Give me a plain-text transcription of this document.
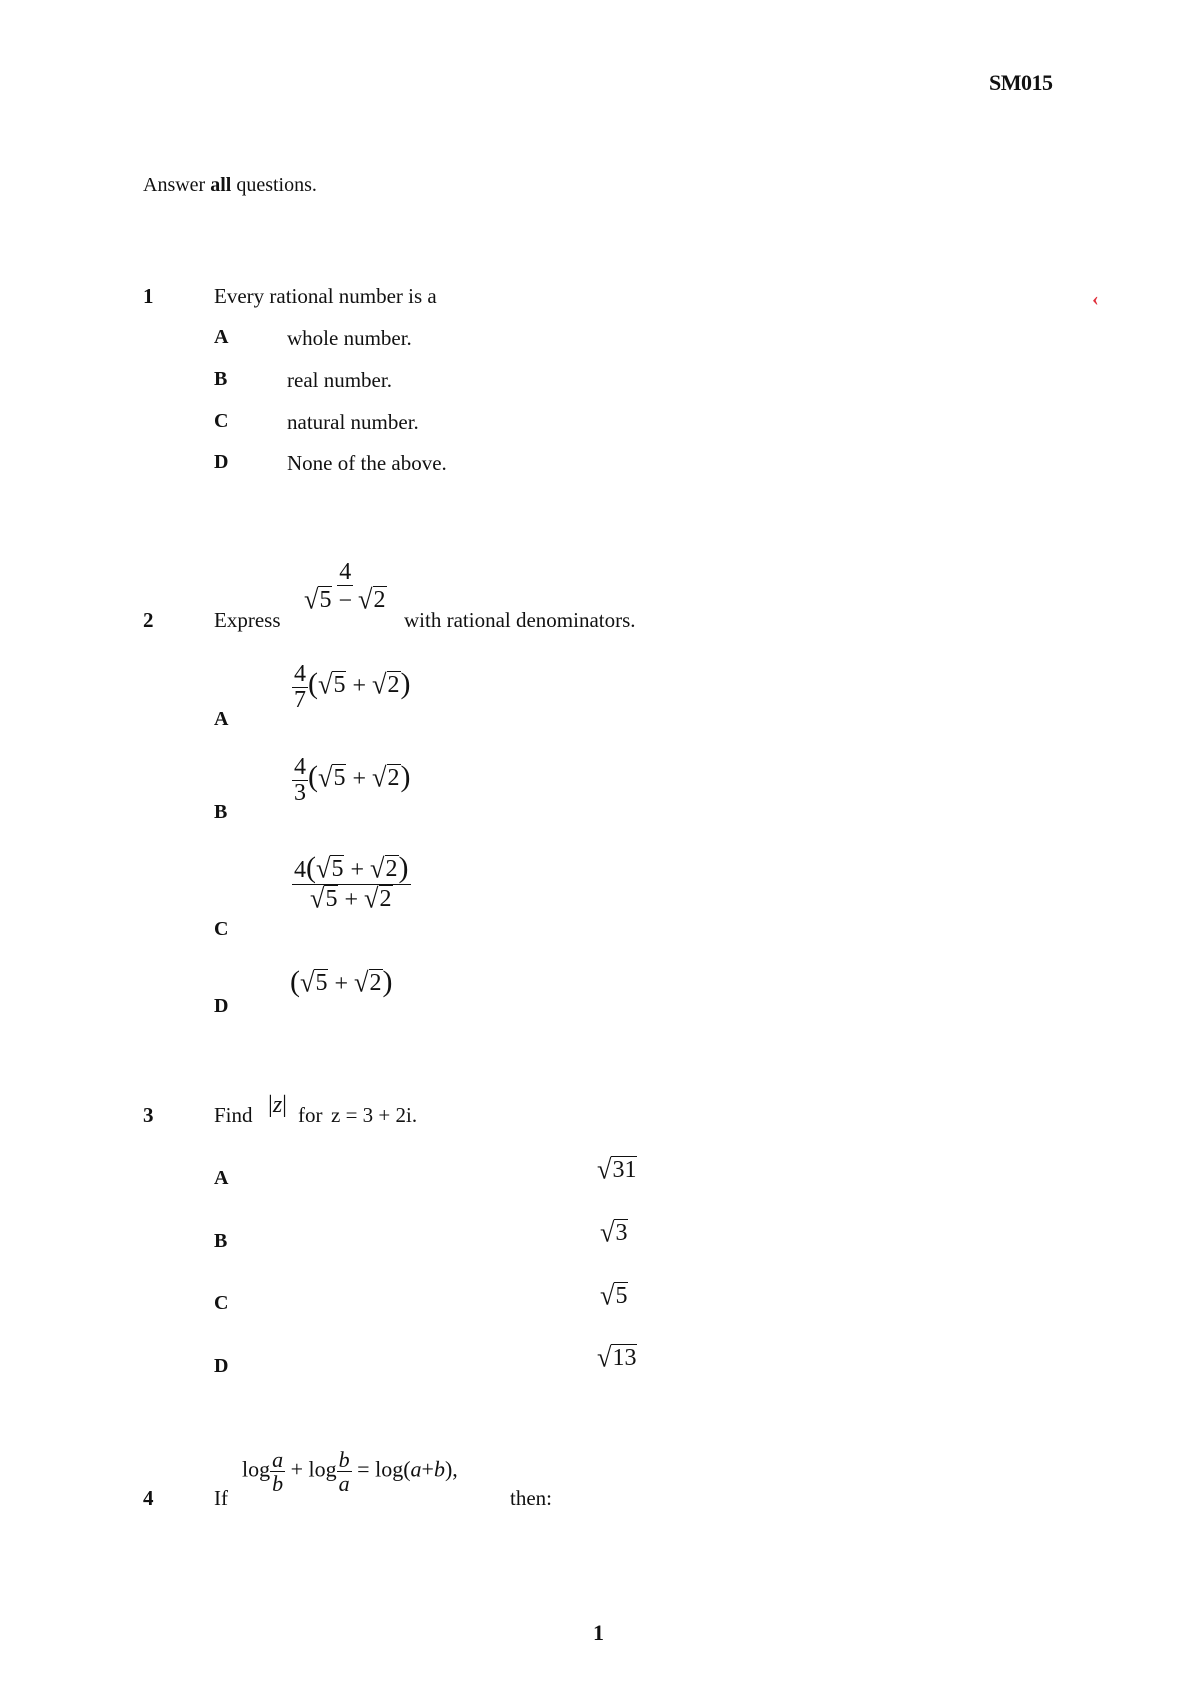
SM015
Answer all questions.
‹
1	Every rational number is a
A	whole number.
B	real number.
C	natural number.
D	None of the above.
2	Express
$\frac{4}{√ 5 - √ 2}$
with rational denominators.
A
$\frac{4}{7}$ ( √ 5 + √ 2 )
B
$\frac{4}{3}$ ( √ 5 + √ 2 )
C
$\frac{4( √ 5 + √ 2 )}{√ 5 + √ 2}$
D
( √ 5 + √ 2 )
3	Find |z| for z = 3 + 2i.
A	√ 31
B	√ 3
C	√ 5
D	√ 13
4	If
$\log \frac{a}{b} + \log \frac{b}{a} = \log(a+b)$,
then:
1
